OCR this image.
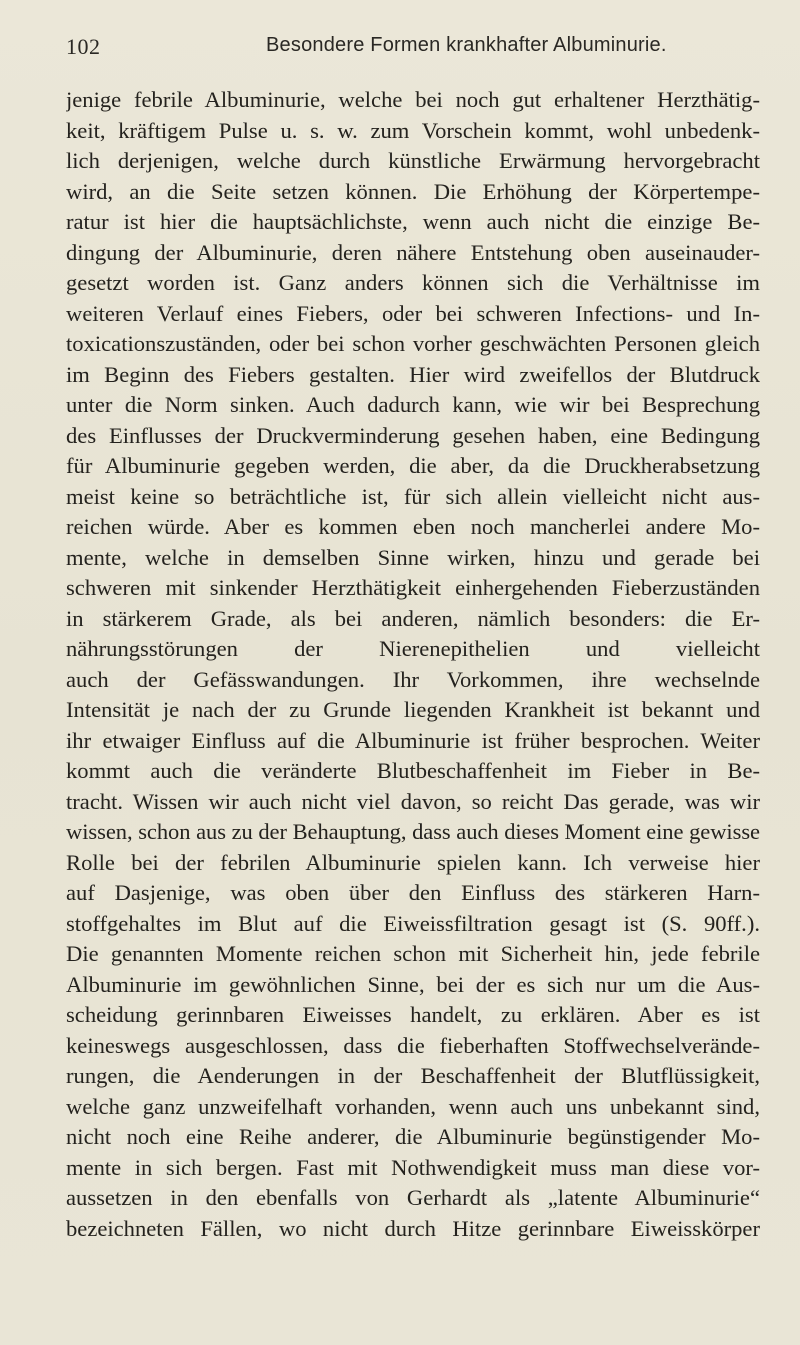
102	Besondere Formen krankhafter Albuminurie.
jenige febrile Albuminurie, welche bei noch gut erhaltener Herzthätig-
keit, kräftigem Pulse u. s. w. zum Vorschein kommt, wohl unbedenk-
lich derjenigen, welche durch künstliche Erwärmung hervorgebracht
wird, an die Seite setzen können. Die Erhöhung der Körpertempe-
ratur ist hier die hauptsächlichste, wenn auch nicht die einzige Be-
dingung der Albuminurie, deren nähere Entstehung oben auseinauder-
gesetzt worden ist. Ganz anders können sich die Verhältnisse im
weiteren Verlauf eines Fiebers, oder bei schweren Infections- und In-
toxicationszuständen, oder bei schon vorher geschwächten Personen gleich
im Beginn des Fiebers gestalten. Hier wird zweifellos der Blutdruck
unter die Norm sinken. Auch dadurch kann, wie wir bei Besprechung
des Einflusses der Druckverminderung gesehen haben, eine Bedingung
für Albuminurie gegeben werden, die aber, da die Druckherabsetzung
meist keine so beträchtliche ist, für sich allein vielleicht nicht aus-
reichen würde. Aber es kommen eben noch mancherlei andere Mo-
mente, welche in demselben Sinne wirken, hinzu und gerade bei
schweren mit sinkender Herzthätigkeit einhergehenden Fieberzuständen
in stärkerem Grade, als bei anderen, nämlich besonders: die Er-
nährungsstörungen der Nierenepithelien und vielleicht
auch der Gefässwandungen. Ihr Vorkommen, ihre wechselnde
Intensität je nach der zu Grunde liegenden Krankheit ist bekannt und
ihr etwaiger Einfluss auf die Albuminurie ist früher besprochen. Weiter
kommt auch die veränderte Blutbeschaffenheit im Fieber in Be-
tracht. Wissen wir auch nicht viel davon, so reicht Das gerade, was wir
wissen, schon aus zu der Behauptung, dass auch dieses Moment eine gewisse
Rolle bei der febrilen Albuminurie spielen kann. Ich verweise hier
auf Dasjenige, was oben über den Einfluss des stärkeren Harn-
stoffgehaltes im Blut auf die Eiweissfiltration gesagt ist (S. 90ff.).
Die genannten Momente reichen schon mit Sicherheit hin, jede febrile
Albuminurie im gewöhnlichen Sinne, bei der es sich nur um die Aus-
scheidung gerinnbaren Eiweisses handelt, zu erklären. Aber es ist
keineswegs ausgeschlossen, dass die fieberhaften Stoffwechselverände-
rungen, die Aenderungen in der Beschaffenheit der Blutflüssigkeit,
welche ganz unzweifelhaft vorhanden, wenn auch uns unbekannt sind,
nicht noch eine Reihe anderer, die Albuminurie begünstigender Mo-
mente in sich bergen. Fast mit Nothwendigkeit muss man diese vor-
aussetzen in den ebenfalls von Gerhardt als „latente Albuminurie“
bezeichneten Fällen, wo nicht durch Hitze gerinnbare Eiweisskörper
